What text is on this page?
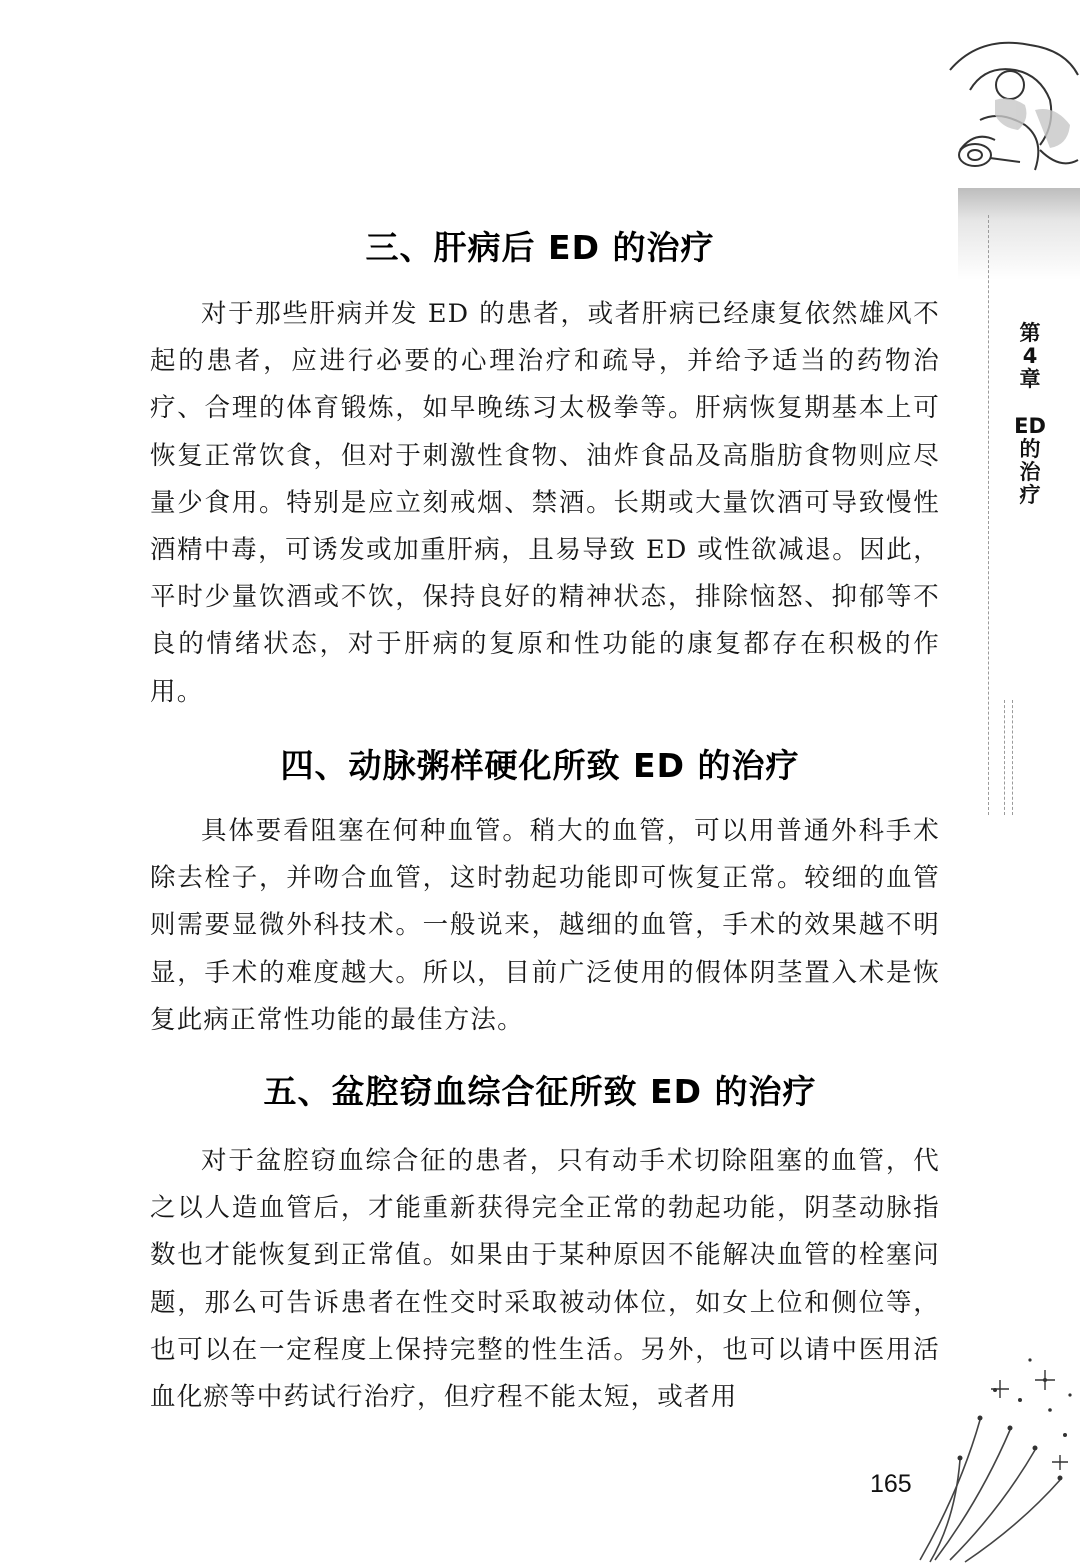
第
4
章
ED
的
治
疗
三、肝病后 ED 的治疗

对于那些肝病并发 ED 的患者，或者肝病已经康复依然雄风不起的患者，应进行必要的心理治疗和疏导，并给予适当的药物治疗、合理的体育锻炼，如早晚练习太极拳等。肝病恢复期基本上可恢复正常饮食，但对于刺激性食物、油炸食品及高脂肪食物则应尽量少食用。特别是应立刻戒烟、禁酒。长期或大量饮酒可导致慢性酒精中毒，可诱发或加重肝病，且易导致 ED 或性欲减退。因此，平时少量饮酒或不饮，保持良好的精神状态，排除恼怒、抑郁等不良的情绪状态，对于肝病的复原和性功能的康复都存在积极的作用。

四、动脉粥样硬化所致 ED 的治疗

具体要看阻塞在何种血管。稍大的血管，可以用普通外科手术除去栓子，并吻合血管，这时勃起功能即可恢复正常。较细的血管则需要显微外科技术。一般说来，越细的血管，手术的效果越不明显，手术的难度越大。所以，目前广泛使用的假体阴茎置入术是恢复此病正常性功能的最佳方法。

五、盆腔窃血综合征所致 ED 的治疗

对于盆腔窃血综合征的患者，只有动手术切除阻塞的血管，代之以人造血管后，才能重新获得完全正常的勃起功能，阴茎动脉指数也才能恢复到正常值。如果由于某种原因不能解决血管的栓塞问题，那么可告诉患者在性交时采取被动体位，如女上位和侧位等，也可以在一定程度上保持完整的性生活。另外，也可以请中医用活血化瘀等中药试行治疗，但疗程不能太短，或者用

165
